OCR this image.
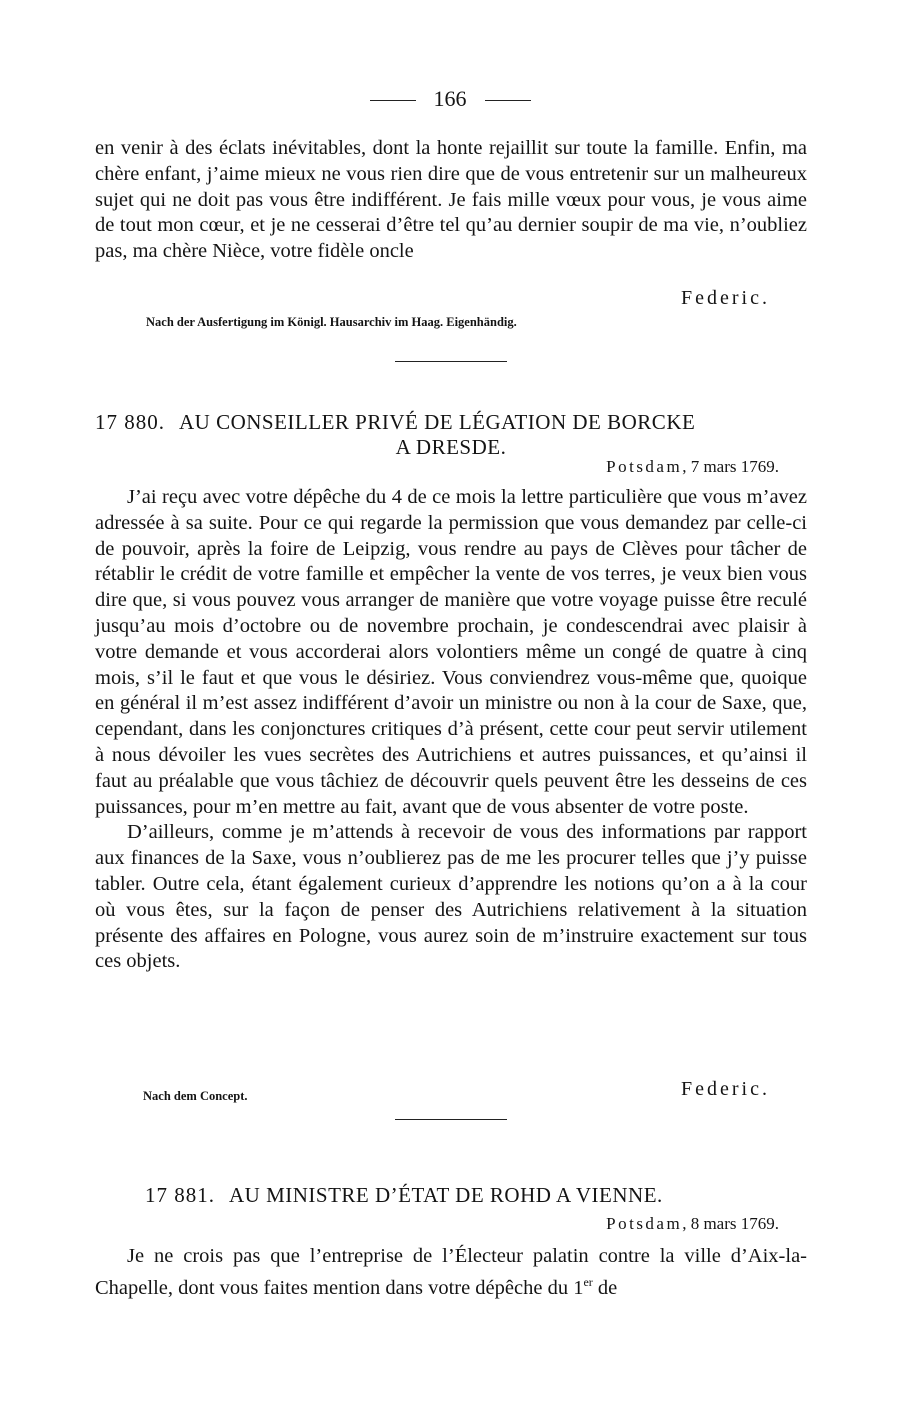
166

en venir à des éclats inévitables, dont la honte rejaillit sur toute la famille. Enfin, ma chère enfant, j’aime mieux ne vous rien dire que de vous entretenir sur un malheureux sujet qui ne doit pas vous être indifférent. Je fais mille vœux pour vous, je vous aime de tout mon cœur, et je ne cesserai d’être tel qu’au dernier soupir de ma vie, n’oubliez pas, ma chère Nièce, votre fidèle oncle

Federic.
Nach der Ausfertigung im Königl. Hausarchiv im Haag. Eigenhändig.
17 880. AU CONSEILLER PRIVÉ DE LÉGATION DE BORCKE
A DRESDE.
Potsdam, 7 mars 1769.

J’ai reçu avec votre dépêche du 4 de ce mois la lettre particulière que vous m’avez adressée à sa suite. Pour ce qui regarde la permission que vous demandez par celle-ci de pouvoir, après la foire de Leipzig, vous rendre au pays de Clèves pour tâcher de rétablir le crédit de votre famille et empêcher la vente de vos terres, je veux bien vous dire que, si vous pouvez vous arranger de manière que votre voyage puisse être reculé jusqu’au mois d’octobre ou de novembre prochain, je condescendrai avec plaisir à votre demande et vous accorderai alors volontiers même un congé de quatre à cinq mois, s’il le faut et que vous le désiriez. Vous conviendrez vous-même que, quoique en général il m’est assez indifférent d’avoir un ministre ou non à la cour de Saxe, que, cependant, dans les conjonctures critiques d’à présent, cette cour peut servir utilement à nous dévoiler les vues secrètes des Autrichiens et autres puissances, et qu’ainsi il faut au préalable que vous tâchiez de découvrir quels peuvent être les desseins de ces puissances, pour m’en mettre au fait, avant que de vous absenter de votre poste.

D’ailleurs, comme je m’attends à recevoir de vous des informations par rapport aux finances de la Saxe, vous n’oublierez pas de me les procurer telles que j’y puisse tabler. Outre cela, étant également curieux d’apprendre les notions qu’on a à la cour où vous êtes, sur la façon de penser des Autrichiens relativement à la situation présente des affaires en Pologne, vous aurez soin de m’instruire exactement sur tous ces objets.

Nach dem Concept.	Federic.
17 881. AU MINISTRE D’ÉTAT DE ROHD A VIENNE.
Potsdam, 8 mars 1769.

Je ne crois pas que l’entreprise de l’Électeur palatin contre la ville d’Aix-la-Chapelle, dont vous faites mention dans votre dépêche du 1er de
